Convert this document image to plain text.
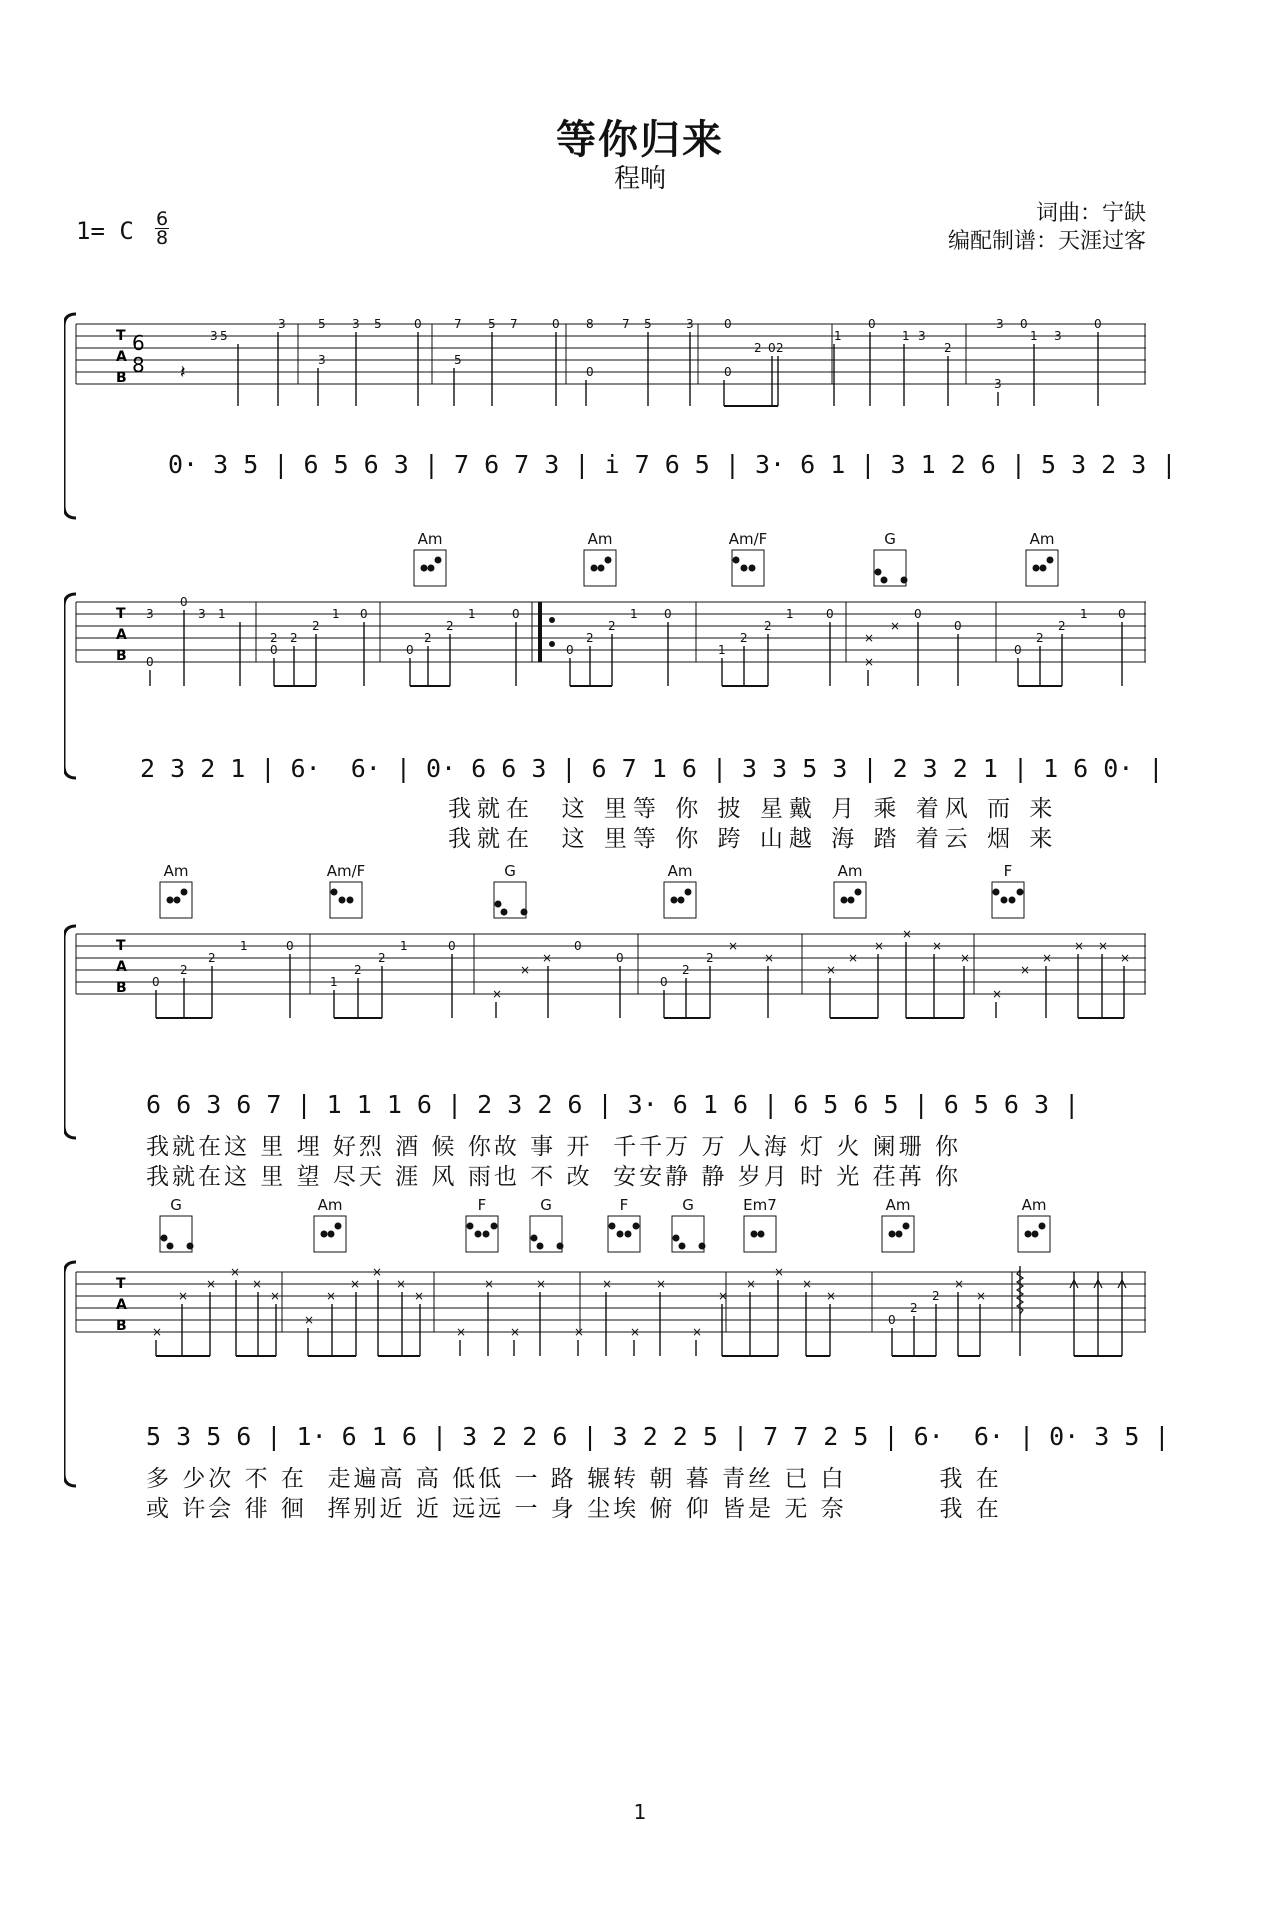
等你归来
程响
1= C 6
8
词曲：宁缺
编配制谱：天涯过客
T
A
B
6
8
3 5
3	5
3
3 5	0	7
5
5 7	0 8
0
7 5	3	0
0
2 0 2
1
0
1 3
2
3 0
1 3
0
3
𝄽
0· 3 5 | 6 5 6 3 | 7 6 7 3 | i 7 6 5 | 3· 6 1 | 3 1 2 6 | 5 3 2 3 |
Am	Am	Am/F	G	Am
T
A
B
3
0
0
3 1
2
0
2
2
1 0
0
2
2
1	0
0
2
2
1 0
1
2
2
1	0
×
0
0
×
×
0
2
2
1	0
2 3 2 1 | 6·  6· | 0· 6 6 3 | 6 7 1 6 | 3 3 5 3 | 2 3 2 1 | 1 6 0· |
我就在  这 里等 你 披 星戴 月 乘 着风 而 来
我就在  这 里等 你 跨 山越 海 踏 着云 烟 来
Am	Am/F	G	Am	Am	F
T
A
B 0
2
2
1	0
1
2
2
1	0
×
×
×
0
0
0
2
2
×
×
×
×
×
×
×
×
×
×
×
× ×
×
6 6 3 6 7 | 1 1 1 6 | 2 3 2 6 | 3· 6 1 6 | 6 5 6 5 | 6 5 6 3 |
我就在这 里 埋 好烈 酒 候 你故 事 开  千千万 万 人海 灯 火 阑珊 你
我就在这 里 望 尽天 涯 风 雨也 不 改  安安静 静 岁月 时 光 荏苒 你
G	Am	F	G	F	G	Em7	Am	Am
T
A
B ×
×
×
×
×
×
×
×
×
×
×
×
×
×
×
×
×
×
×
×
×
×
×
×
×
×
0
2
2
×
×
5 3 5 6 | 1· 6 1 6 | 3 2 2 6 | 3 2 2 5 | 7 7 2 5 | 6·  6· | 0· 3 5 |
多 少次 不 在  走遍高 高 低低 一 路 辗转 朝 暮 青丝 已 白         我 在
或 许会 徘 徊  挥别近 近 远远 一 身 尘埃 俯 仰 皆是 无 奈         我 在
1
